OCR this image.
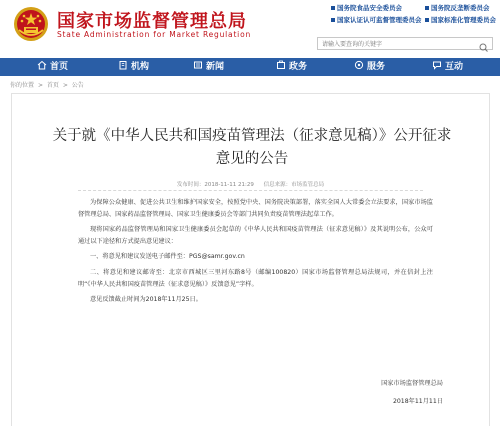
国家市场监督管理总局
State Administration for Market Regulation
国务院食品安全委员会	国务院反垄断委员会
国家认证认可监督管理委员会	国家标准化管理委员会
请输入要查询的关键字
首页	机构	新闻	政务	服务	互动
你的位置 > 首页 > 公告
关于就《中华人民共和国疫苗管理法（征求意见稿）》公开征求意见的公告
发布时间：2018-11-11 21:29 信息来源：市场监管总局

为保障公众健康、促进公共卫生和维护国家安全，按照党中央、国务院决策部署，落实全国人大常委会立法要求，国家市场监督管理总局、国家药品监督管理局、国家卫生健康委员会等部门共同负责疫苗管理法起草工作。

现将国家药品监督管理局和国家卫生健康委员会起草的《中华人民共和国疫苗管理法（征求意见稿）》及其说明公布，公众可通过以下途径和方式提出意见建议：

一、将意见和建议发送电子邮件至：PGS@samr.gov.cn

二、将意见和建议邮寄至：北京市西城区三里河东路8号（邮编100820）国家市场监督管理总局法规司，并在信封上注明“《中华人民共和国疫苗管理法（征求意见稿）》反馈意见”字样。

意见反馈截止时间为2018年11月25日。

国家市场监督管理总局
2018年11月11日
